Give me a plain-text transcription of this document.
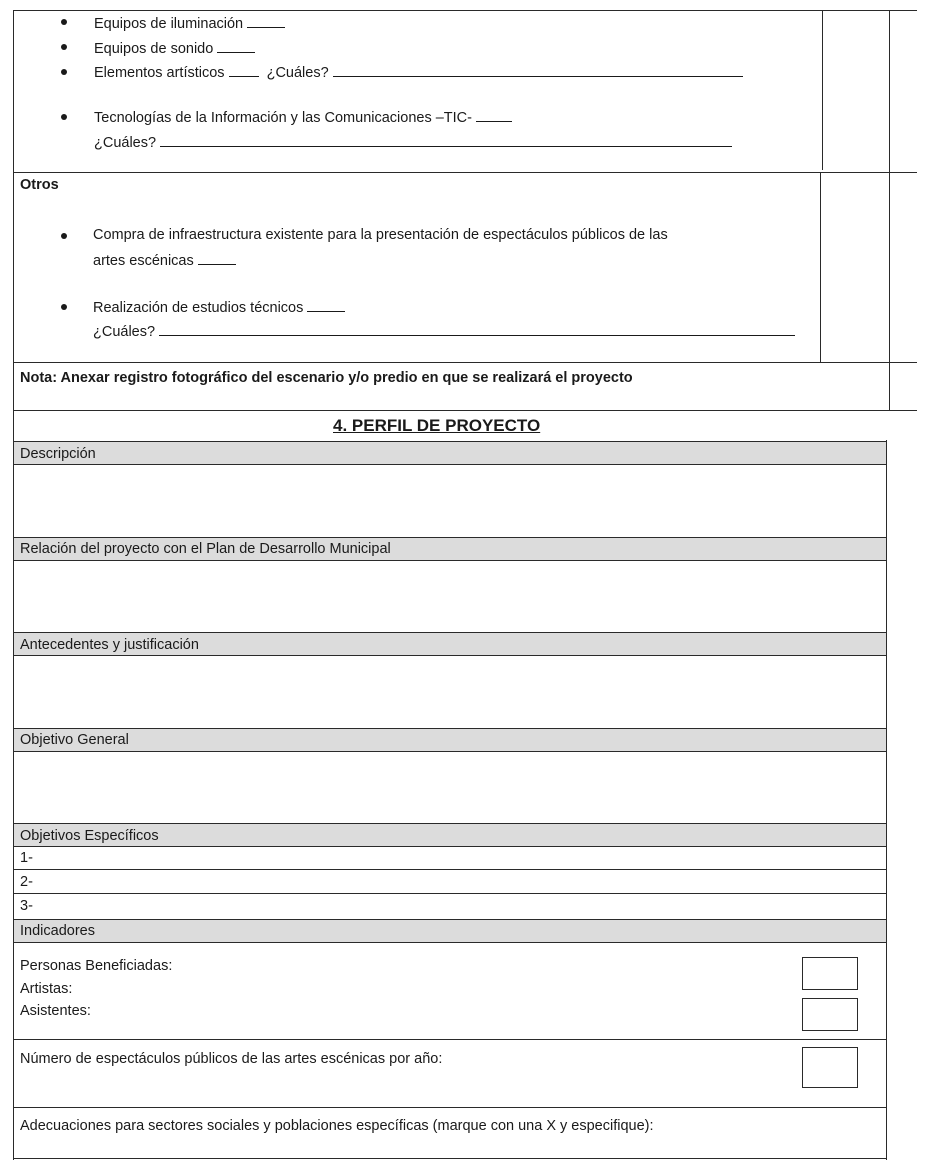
Equipos de iluminación
Equipos de sonido
Elementos artísticos	¿Cuáles?
Tecnologías de la Información y las Comunicaciones –TIC-
¿Cuáles?
Otros
Compra de infraestructura existente para la presentación de espectáculos públicos de las
artes escénicas
Realización de estudios técnicos
¿Cuáles?
Nota: Anexar registro fotográfico del escenario y/o predio en que se realizará el proyecto
4. PERFIL DE PROYECTO
Descripción
Relación del proyecto con el Plan de Desarrollo Municipal
Antecedentes y justificación
Objetivo General
Objetivos Específicos
1-
2-
3-
Indicadores
Personas Beneficiadas:
Artistas:
Asistentes:
Número de espectáculos públicos de las artes escénicas por año:
Adecuaciones para sectores sociales y poblaciones específicas (marque con una X y especifique):
